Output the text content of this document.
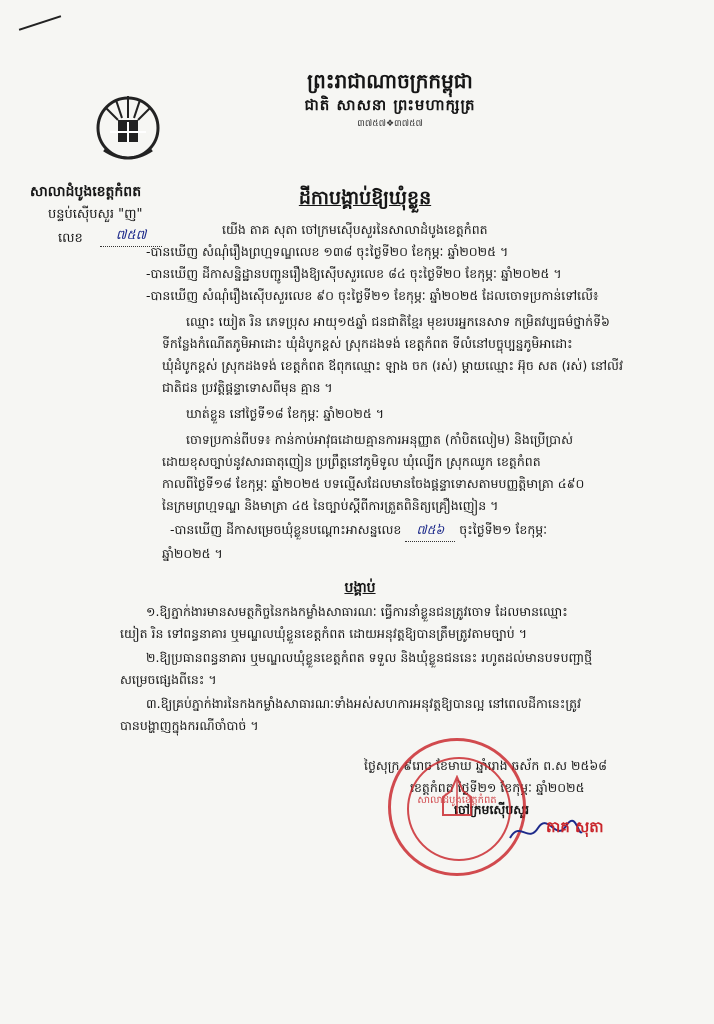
ព្រះរាជាណាចក្រកម្ពុជា
ជាតិ សាសនា ព្រះមហាក្សត្រ
៣៧៥៧❖៣៧៥៧
សាលាដំបូងខេត្តកំពត
បន្ទប់ស៊ើបសួរ "ញ"
លេខ	៧៥៧
ដីកាបង្គាប់ឱ្យឃុំខ្លួន
យើង តាគ សុតា ចៅក្រមស៊ើបសួរនៃសាលាដំបូងខេត្តកំពត
-បានឃើញ សំណុំរឿងព្រហ្មទណ្ឌលេខ ១៣៨ ចុះថ្ងៃទី២០ ខែកុម្ភៈ ឆ្នាំ២០២៥ ។
-បានឃើញ ដីកាសន្និដ្ឋានបញ្ជូនរឿងឱ្យស៊ើបសួរលេខ ៨៤ ចុះថ្ងៃទី២០ ខែកុម្ភៈ ឆ្នាំ២០២៥ ។
-បានឃើញ សំណុំរឿងស៊ើបសួរលេខ ៩០ ចុះថ្ងៃទី២១ ខែកុម្ភៈ ឆ្នាំ២០២៥ ដែលចោទប្រកាន់ទៅលើ៖
ឈ្មោះ យៀត រិន ភេទប្រុស អាយុ១៥ឆ្នាំ ជនជាតិខ្មែរ មុខរបរអ្នកនេសាទ កម្រិតវប្បធម៌ថ្នាក់ទី៦
ទីកន្លែងកំណើតភូមិអាដោះ ឃុំដំបូកខ្ពស់ ស្រុកដងទង់ ខេត្តកំពត ទីលំនៅបច្ចុប្បន្នភូមិអាដោះ
ឃុំដំបូកខ្ពស់ ស្រុកដងទង់ ខេត្តកំពត ឪពុកឈ្មោះ ឡាង ចក (រស់) ម្តាយឈ្មោះ អ៊ុច សត (រស់) នៅលីវ
ជាតិជន ប្រវត្តិផ្តន្ទាទោសពីមុន គ្មាន ។
ឃាត់ខ្លួន នៅថ្ងៃទី១៨ ខែកុម្ភៈ ឆ្នាំ២០២៥ ។
ចោទប្រកាន់ពីបទ៖ កាន់កាប់អាវុធដោយគ្មានការអនុញ្ញាត (កាំបិតលៀម) និងប្រើប្រាស់
ដោយខុសច្បាប់នូវសារធាតុញៀន ប្រព្រឹត្តនៅភូមិទូល ឃុំល្បើក ស្រុកឈូក ខេត្តកំពត
កាលពីថ្ងៃទី១៨ ខែកុម្ភៈ ឆ្នាំ២០២៥ បទល្មើសដែលមានចែងផ្តន្ទាទោសតាមបញ្ញត្តិមាត្រា ៤៩០
នៃក្រមព្រហ្មទណ្ឌ និងមាត្រា ៤៥ នៃច្បាប់ស្តីពីការត្រួតពិនិត្យគ្រឿងញៀន ។
-បានឃើញ ដីកាសម្រេចឃុំខ្លួនបណ្តោះអាសន្នលេខ ៧៥៦ ចុះថ្ងៃទី២១ ខែកុម្ភៈ
ឆ្នាំ២០២៥ ។
បង្គាប់
១.ឱ្យភ្នាក់ងារមានសមត្ថកិច្ចនៃកងកម្លាំងសាធារណៈ ធ្វើការនាំខ្លួនជនត្រូវចោទ ដែលមានឈ្មោះ
យៀត រិន ទៅពន្ធនាគារ ឬមណ្ឌលឃុំខ្លួនខេត្តកំពត ដោយអនុវត្តឱ្យបានត្រឹមត្រូវតាមច្បាប់ ។
២.ឱ្យប្រធានពន្ធនាគារ ឬមណ្ឌលឃុំខ្លួនខេត្តកំពត ទទួល និងឃុំខ្លួនជននេះ រហូតដល់មានបទបញ្ជាថ្មី
សម្រេចផ្សេងពីនេះ ។
៣.ឱ្យគ្រប់ភ្នាក់ងារនៃកងកម្លាំងសាធារណៈទាំងអស់សហការអនុវត្តឱ្យបានល្អ នៅពេលដីកានេះត្រូវ
បានបង្ហាញក្នុងករណីចាំបាច់ ។
ថ្ងៃសុក្រ ៩រោច ខែមាឃ ឆ្នាំរោង ឆស័ក ព.ស ២៥៦៨
ខេត្តកំពត ថ្ងៃទី២១ ខែកុម្ភៈ ឆ្នាំ២០២៥
ចៅក្រមស៊ើបសួរ
សាលាដំបូងខេត្តកំពត
តាគ សុតា
